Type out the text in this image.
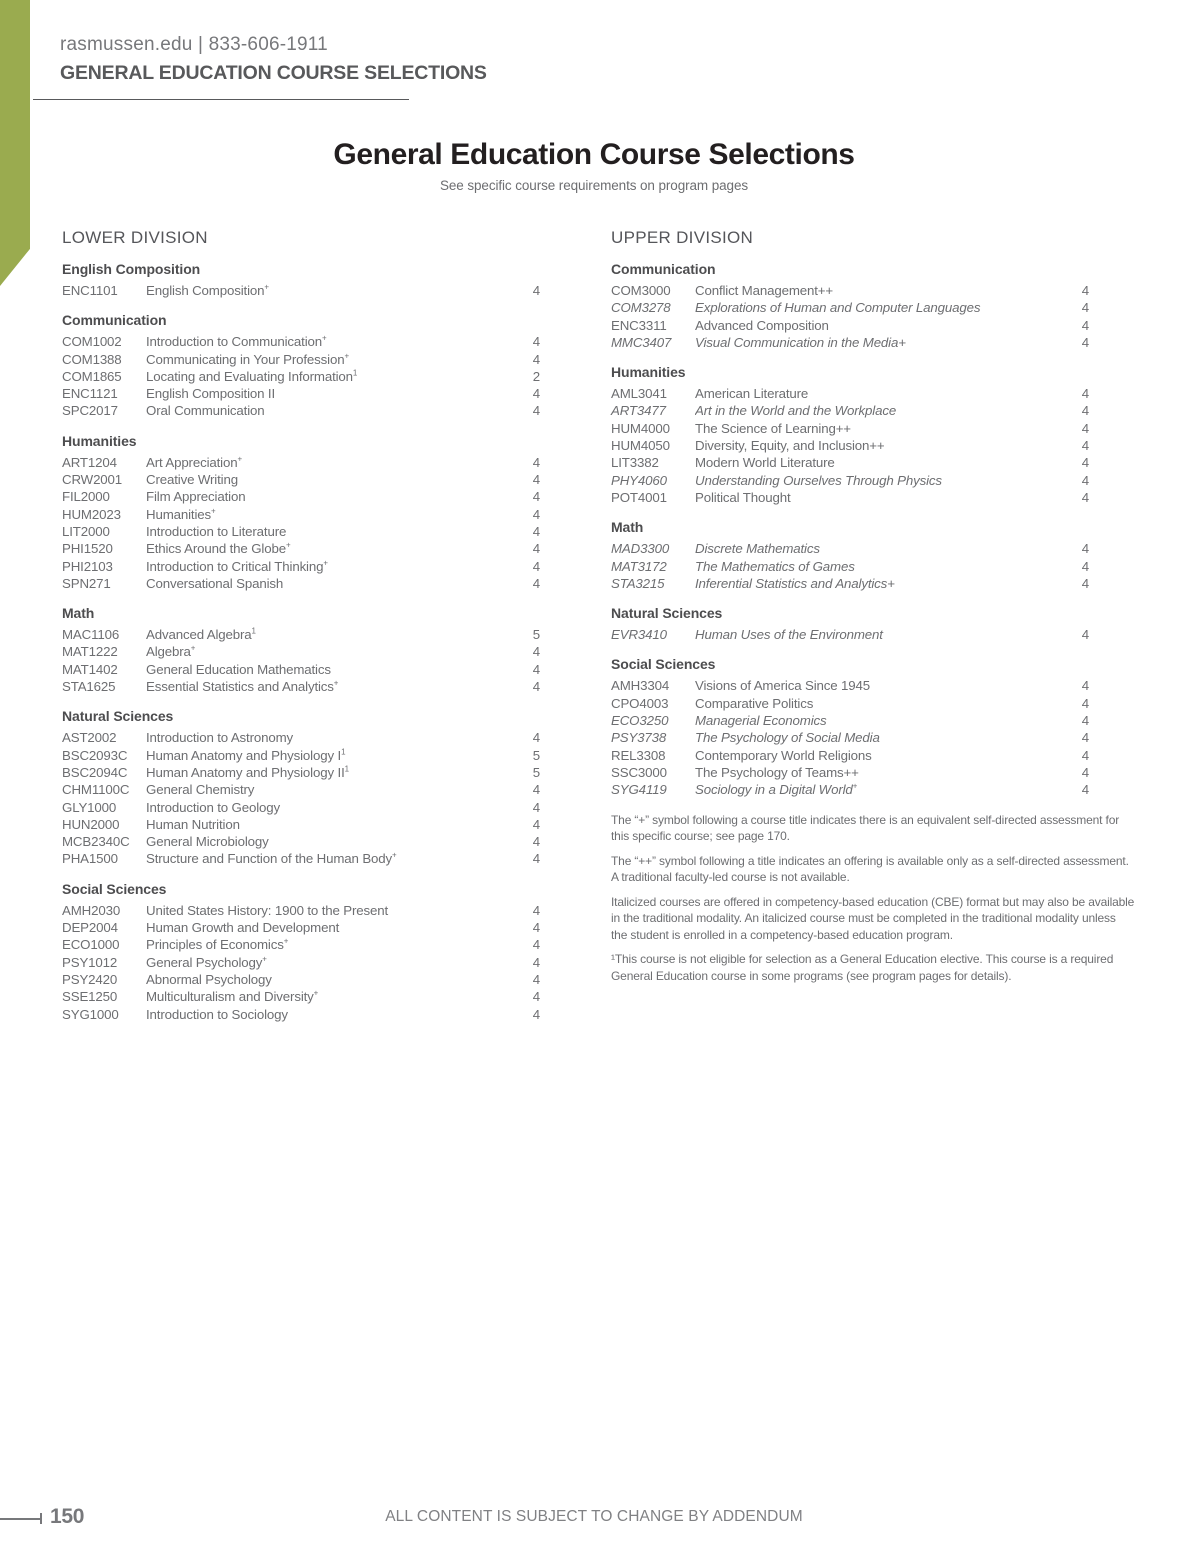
rasmussen.edu | 833-606-1911
GENERAL EDUCATION COURSE SELECTIONS
General Education Course Selections
See specific course requirements on program pages
LOWER DIVISION
English Composition
ENC1101	English Composition+	4
Communication
COM1002	Introduction to Communication+	4
COM1388	Communicating in Your Profession+	4
COM1865	Locating and Evaluating Information$^1$	2
ENC1121	English Composition II	4
SPC2017	Oral Communication	4
Humanities
ART1204	Art Appreciation+	4
CRW2001	Creative Writing	4
FIL2000	Film Appreciation	4
HUM2023	Humanities+	4
LIT2000	Introduction to Literature	4
PHI1520	Ethics Around the Globe+	4
PHI2103	Introduction to Critical Thinking+	4
SPN271	Conversational Spanish	4
Math
MAC1106	Advanced Algebra$^1$	5
MAT1222	Algebra+	4
MAT1402	General Education Mathematics	4
STA1625	Essential Statistics and Analytics+	4
Natural Sciences
AST2002	Introduction to Astronomy	4
BSC2093C	Human Anatomy and Physiology $I^1$	5
BSC2094C	Human Anatomy and Physiology $II^1$	5
CHM1100C	General Chemistry	4
GLY1000	Introduction to Geology	4
HUN2000	Human Nutrition	4
MCB2340C	General Microbiology	4
PHA1500	Structure and Function of the Human Body+	4
Social Sciences
AMH2030	United States History: 1900 to the Present	4
DEP2004	Human Growth and Development	4
ECO1000	Principles of Economics+	4
PSY1012	General Psychology+	4
PSY2420	Abnormal Psychology	4
SSE1250	Multiculturalism and Diversity+	4
SYG1000	Introduction to Sociology	4
UPPER DIVISION
Communication
COM3000	Conflict Management++	4
COM3278	Explorations of Human and Computer Languages	4
ENC3311	Advanced Composition	4
MMC3407	Visual Communication in the Media+	4
Humanities
AML3041	American Literature	4
ART3477	Art in the World and the Workplace	4
HUM4000	The Science of Learning++	4
HUM4050	Diversity, Equity, and Inclusion++	4
LIT3382	Modern World Literature	4
PHY4060	Understanding Ourselves Through Physics	4
POT4001	Political Thought	4
Math
MAD3300	Discrete Mathematics	4
MAT3172	The Mathematics of Games	4
STA3215	Inferential Statistics and Analytics+	4
Natural Sciences
EVR3410	Human Uses of the Environment	4
Social Sciences
AMH3304	Visions of America Since 1945	4
CPO4003	Comparative Politics	4
ECO3250	Managerial Economics	4
PSY3738	The Psychology of Social Media	4
REL3308	Contemporary World Religions	4
SSC3000	The Psychology of Teams++	4
SYG4119	Sociology in a Digital World+	4

The “+” symbol following a course title indicates there is an equivalent self-directed assessment for this specific course; see page 170.

The “++” symbol following a title indicates an offering is available only as a self-directed assessment. A traditional faculty-led course is not available.

Italicized courses are offered in competency-based education (CBE) format but may also be available in the traditional modality. An italicized course must be completed in the traditional modality unless the student is enrolled in a competency-based education program.

¹This course is not eligible for selection as a General Education elective. This course is a required General Education course in some programs (see program pages for details).

150	ALL CONTENT IS SUBJECT TO CHANGE BY ADDENDUM
